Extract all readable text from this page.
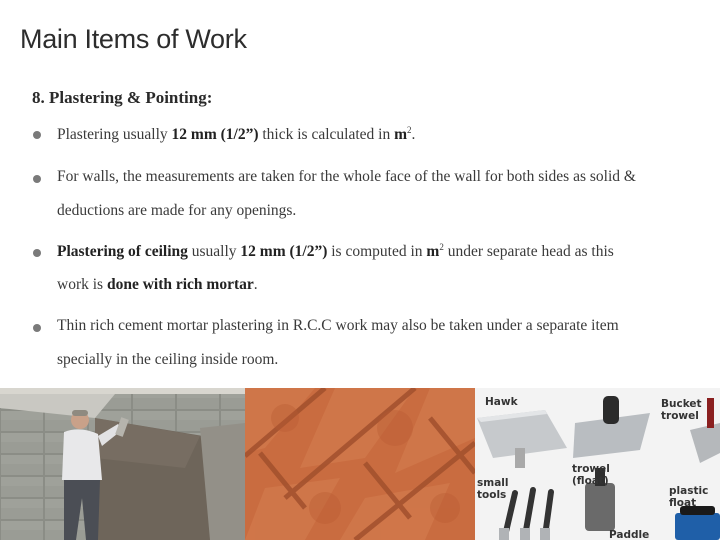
Main Items of Work
8. Plastering & Pointing:
Plastering usually 12 mm (1/2”) thick is calculated in $m^2$.
For walls, the measurements are taken for the whole face of the wall for both sides as solid &
deductions are made for any openings.
Plastering of ceiling usually 12 mm (1/2”) is computed in $m^2$ under separate head as this
work is done with rich mortar.
Thin rich cement mortar plastering in R.C.C work may also be taken under a separate item
specially in the ceiling inside room.
Hawk	Bucket trowel
small tools
trowel (float)
plastic float
Paddle
